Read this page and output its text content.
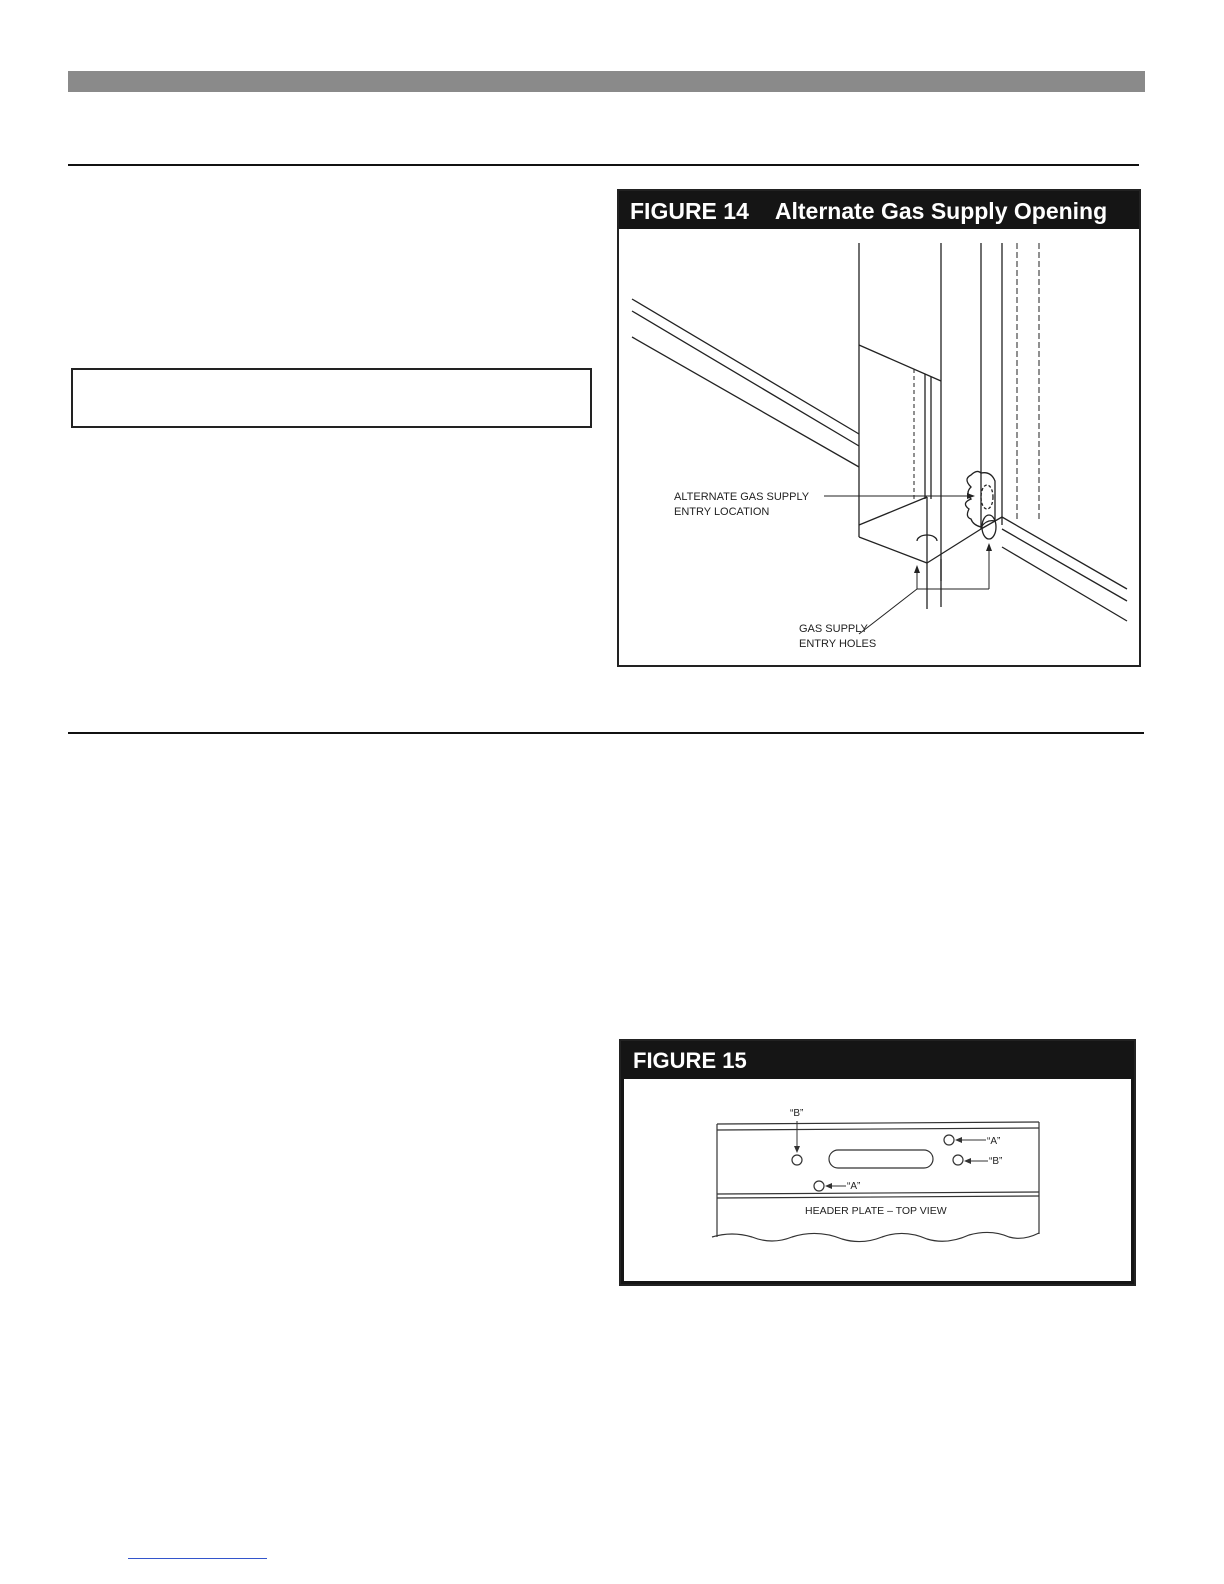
FIGURE 14 Alternate Gas Supply Opening
ALTERNATE GAS SUPPLY
ENTRY LOCATION
GAS SUPPLY
ENTRY HOLES
FIGURE 15
“B”
“A”
“B”
“A”
HEADER PLATE – TOP VIEW
